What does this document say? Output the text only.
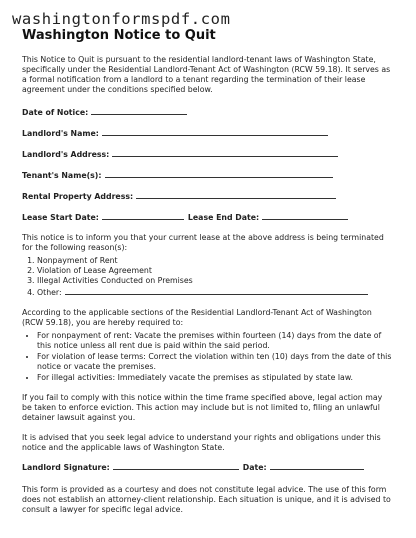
washingtonformspdf.com
Washington Notice to Quit

This Notice to Quit is pursuant to the residential landlord-tenant laws of Washington State, specifically under the Residential Landlord-Tenant Act of Washington (RCW 59.18). It serves as a formal notification from a landlord to a tenant regarding the termination of their lease agreement under the conditions specified below.

Date of Notice:
Landlord's Name:
Landlord's Address:
Tenant's Name(s):
Rental Property Address:
Lease Start Date:	Lease End Date:

This notice is to inform you that your current lease at the above address is being terminated for the following reason(s):

1. Nonpayment of Rent
2. Violation of Lease Agreement
3. Illegal Activities Conducted on Premises
4. Other:

According to the applicable sections of the Residential Landlord-Tenant Act of Washington (RCW 59.18), you are hereby required to:

• For nonpayment of rent: Vacate the premises within fourteen (14) days from the date of this notice unless all rent due is paid within the said period.
• For violation of lease terms: Correct the violation within ten (10) days from the date of this notice or vacate the premises.
• For illegal activities: Immediately vacate the premises as stipulated by state law.

If you fail to comply with this notice within the time frame specified above, legal action may be taken to enforce eviction. This action may include but is not limited to, filing an unlawful detainer lawsuit against you.

It is advised that you seek legal advice to understand your rights and obligations under this notice and the applicable laws of Washington State.

Landlord Signature:	Date:

This form is provided as a courtesy and does not constitute legal advice. The use of this form does not establish an attorney-client relationship. Each situation is unique, and it is advised to consult a lawyer for specific legal advice.
